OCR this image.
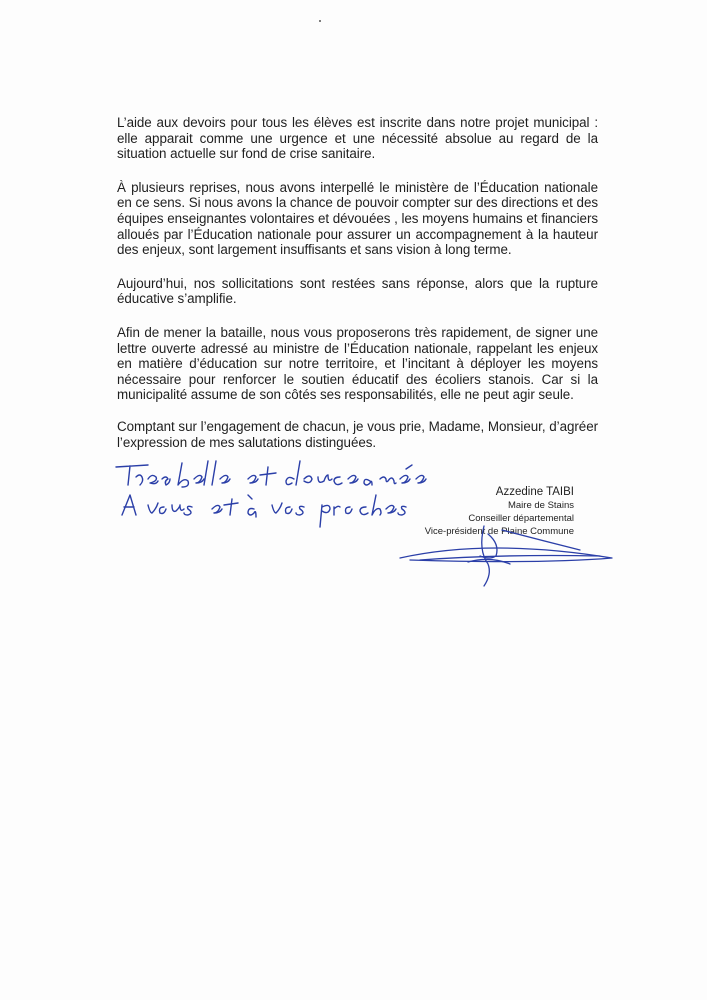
L’aide aux devoirs pour tous les élèves est inscrite dans notre projet municipal : elle apparait comme une urgence et une nécessité absolue au regard de la situation actuelle sur fond de crise sanitaire.

À plusieurs reprises, nous avons interpellé le ministère de l’Éducation nationale en ce sens. Si nous avons la chance de pouvoir compter sur des directions et des équipes enseignantes volontaires et dévouées , les moyens humains et financiers alloués par l’Éducation nationale pour assurer un accompagnement à la hauteur des enjeux, sont largement insuffisants et sans vision à long terme.

Aujourd’hui, nos sollicitations sont restées sans réponse, alors que la rupture éducative s’amplifie.

Afin de mener la bataille, nous vous proposerons très rapidement, de signer une lettre ouverte adressé au ministre de l’Éducation nationale, rappelant les enjeux en matière d’éducation sur notre territoire, et l’incitant à déployer les moyens nécessaire pour renforcer le soutien éducatif des écoliers stanois. Car si la municipalité assume de son côtés ses responsabilités, elle ne peut agir seule.

Comptant sur l’engagement de chacun, je vous prie, Madame, Monsieur, d’agréer l’expression de mes salutations distinguées.

Azzedine TAIBI
Maire de Stains
Conseiller départemental
Vice-président de Plaine Commune
